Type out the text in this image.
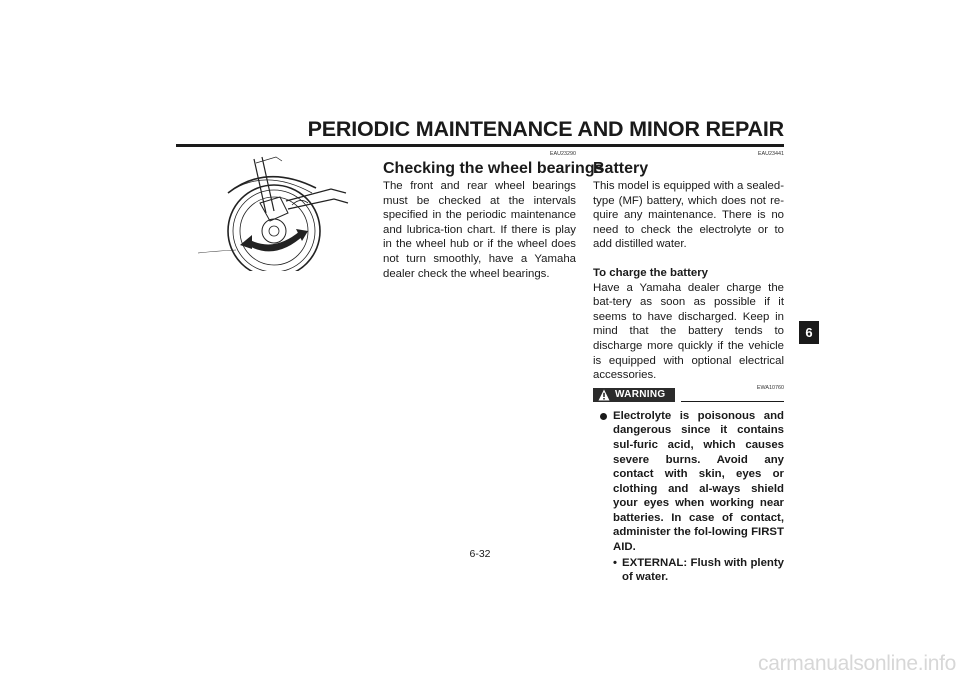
PERIODIC MAINTENANCE AND MINOR REPAIR
EAU23290
Checking the wheel bearings

The front and rear wheel bearings must be checked at the intervals specified in the periodic maintenance and lubrica-tion chart. If there is play in the wheel hub or if the wheel does not turn smoothly, have a Yamaha dealer check the wheel bearings.

EAU23441
Battery

This model is equipped with a sealed-type (MF) battery, which does not re-quire any maintenance. There is no need to check the electrolyte or to add distilled water.

To charge the battery

Have a Yamaha dealer charge the bat-tery as soon as possible if it seems to have discharged. Keep in mind that the battery tends to discharge more quickly if the vehicle is equipped with optional electrical accessories.

WARNING
EWA10760

Electrolyte is poisonous and dangerous since it contains sul-furic acid, which causes severe burns. Avoid any contact with skin, eyes or clothing and al-ways shield your eyes when working near batteries. In case of contact, administer the fol-lowing FIRST AID.

• EXTERNAL: Flush with plenty of water.

6
6-32
carmanualsonline.info
